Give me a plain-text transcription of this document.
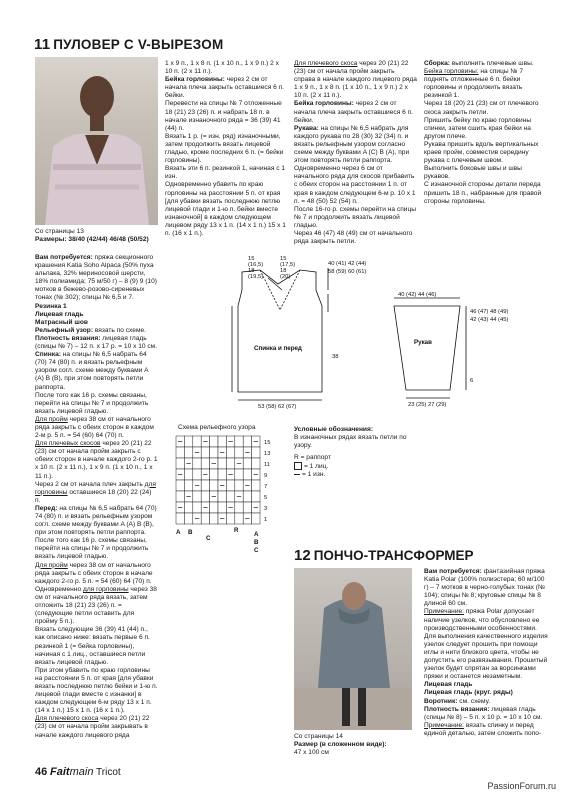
11 ПУЛОВЕР С V-ВЫРЕЗОМ

Со страницы 13

Размеры: 38/40 (42/44) 46/48 (50/52)

Вам потребуется: пряжа секционного крашения Katia Soho Alpaca (50% пуха альпака, 32% мериносовой шерсти, 18% полиамида; 75 м/50 г) – 8 (9) 9 (10) мотков в бежево-розово-сиреневых тонах (№ 302); спицы № 6,5 и 7.

Резинка 1

Лицевая гладь

Матрасный шов

Рельефный узор: вязать по схеме.

Плотность вязания: лицевая гладь (спицы № 7) – 12 п. x 17 р. = 10 x 10 см.

Спинка: на спицы № 6,5 набрать 64 (70) 74 (80) п. и вязать рельефным узором согл. схеме между буквами A (A) B (B), при этом повторять петли раппорта.

После того как 16 р. схемы связаны, перейти на спицы № 7 и продолжить вязать лицевой гладью.

Для пройм через 38 см от начального ряда закрыть с обеих сторон в каждом 2-м р. 5 п. = 54 (60) 64 (70) п.

Для плечевых скосов через 20 (21) 22 (23) см от начала пройм закрыть с обеих сторон в начале каждого 2-го р. 1 x 10 п. (2 x 11 п.), 1 x 9 п. (1 x 10 п., 1 x 11 п.).

Через 2 см от начала плеч закрыть для горловины оставшиеся 18 (20) 22 (24) п.

Перед: на спицы № 6,5 набрать 64 (70) 74 (80) п. и вязать рельефным узором согл. схеме между буквами A (A) B (B), при этом повторять петли раппорта.

После того как 16 р. схемы связаны, перейти на спицы № 7 и продолжить вязать лицевой гладью.

Для пройм через 38 см от начального ряда закрыть с обеих сторон в начале каждого 2-го р. 5 п. = 54 (60) 64 (70) п.

Одновременно для горловины через 38 см от начального ряда вязать, затем отложить 18 (21) 23 (26) п. = (следующие петли оставить для пройму 5 п.).

Вязать следующие 36 (39) 41 (44) п., как описано ниже: вязать первые 6 п. резинкой 1 (= бейка горловины), начиная с 1 лиц., оставшиеся петли вязать лицевой гладью.

При этом убавить по краю горловины на расстоянии 5 п. от края [для убавки вязать последнюю петлю бейки и 1-ю п. лицевой глади вместе с изнанки] в каждом следующем 6-м ряду 13 x 1 п. (14 x 1 п.) 15 x 1 п. (16 x 1 п.).

Для плечевого скоса через 20 (21) 22 (23) см от начала пройм закрывать в начале каждого лицевого ряда

1 x 9 п., 1 x 8 п. (1 x 10 п., 1 x 9 п.) 2 x 10 п. (2 x 11 п.).

Бейка горловины: через 2 см от начала плеча закрыть оставшиеся 6 п. бейки.

Перевести на спицы № 7 отложенные 18 (21) 23 (26) п. и набрать 18 п. в начале изнаночного ряда = 36 (39) 41 (44) п.

Вязать 1 р. (= изн. ряд) изнаночными, затем продолжить вязать лицевой гладью, кроме последних 6 п. (= бейки горловины).

Вязать эти 6 п. резинкой 1, начиная с 1 изн.

Одновременно убавить по краю горловины на расстоянии 5 п. от края [для убавки вязать последнюю петлю лицевой глади и 1-ю п. бейки вместе изнаночной] в каждом следующем лицевом ряду 13 x 1 п. (14 x 1 п.) 15 x 1 п. (16 x 1 п.).

Для плечевого скоса через 20 (21) 22 (23) см от начала пройм закрыть справа в начале каждого лицевого ряда 1 x 9 п., 1 x 8 п. (1 x 10 п., 1 x 9 п.) 2 x 10 п. (2 x 11 п.).

Бейка горловины: через 2 см от начала плеча закрыть оставшиеся 6 п. бейки.

Рукава: на спицы № 6,5 набрать для каждого рукава по 28 (30) 32 (34) п. и вязать рельефным узором согласно схеме между буквами A (C) B (A), при этом повторять петли раппорта.

Одновременно через 6 см от начального ряда для скосов прибавить с обеих сторон на расстоянии 1 п. от края в каждом следующем 6-м р. 10 x 1 п. = 48 (50) 52 (54) п.

После 16-го р. схемы перейти на спицы № 7 и продолжить вязать лицевой гладью.

Через 46 (47) 48 (49) см от начального ряда закрыть петли.

Сборка: выполнить плечевые швы.

Бейка горловины: на спицы № 7 поднять отложенные 6 п. бейки горловины и продолжить вязать резинкой 1.

Через 18 (20) 21 (23) см от плечевого скоса закрыть петли.

Пришить бейку по краю горловины спинки, затем сшить края бейки на другом плече.

Рукава пришить вдоль вертикальных краев пройм, совместив середину рукава с плечевым швом.

Выполнить боковые швы и швы рукавов.

С изнаночной стороны детали переда пришить 18 п., набранные для правой стороны горловины.

15
(16,5)
18
(19,5)
15
(17,5)
18
(20)
Спинка и перед
38
53 (58) 62 (67)
40 (41) 42 (44)
58 (59) 60 (61)
40 (42) 44 (46)
Рукав
6
23 (25) 27 (29)
46 (47) 48 (49)
42 (43) 44 (45)
Схема рельефного узора
15
13
11
9
7
5
3
1
A B
C
R
A
B
C

Условные обозначения:

В изнаночных рядах вязать петли по узору.

R = раппорт

= 1 лиц.

= 1 изн.

12 ПОНЧО-ТРАНСФОРМЕР

Со страницы 14

Размер (в сложенном виде):

47 x 100 см

Вам потребуется: фантазийная пряжа Katia Polar (100% полиэстера; 60 м/100 г) – 7 мотков в черно-голубых тонах (№ 104); спицы № 8; круговые спицы № 8 длиной 60 см.

Примечание: пряжа Polar допускает наличие узелков, что обусловлено ее производственными особенностями. Для выполнения качественного изделия узелок следует прошить при помощи иглы и нити близкого цвета, чтобы не допустить его развязывания. Прошитый узелок будет спрятан за ворсинками пряжи и останется незаметным.

Лицевая гладь

Лицевая гладь (круг. ряды)

Воротник: см. схему.

Плотность вязания: лицевая гладь (спицы № 8) – 5 п. x 10 р. = 10 x 10 см.

Примечание: вязать спинку и перед единой деталью, затем сложить попо-

46 Faitmain Tricot
PassionForum.ru
